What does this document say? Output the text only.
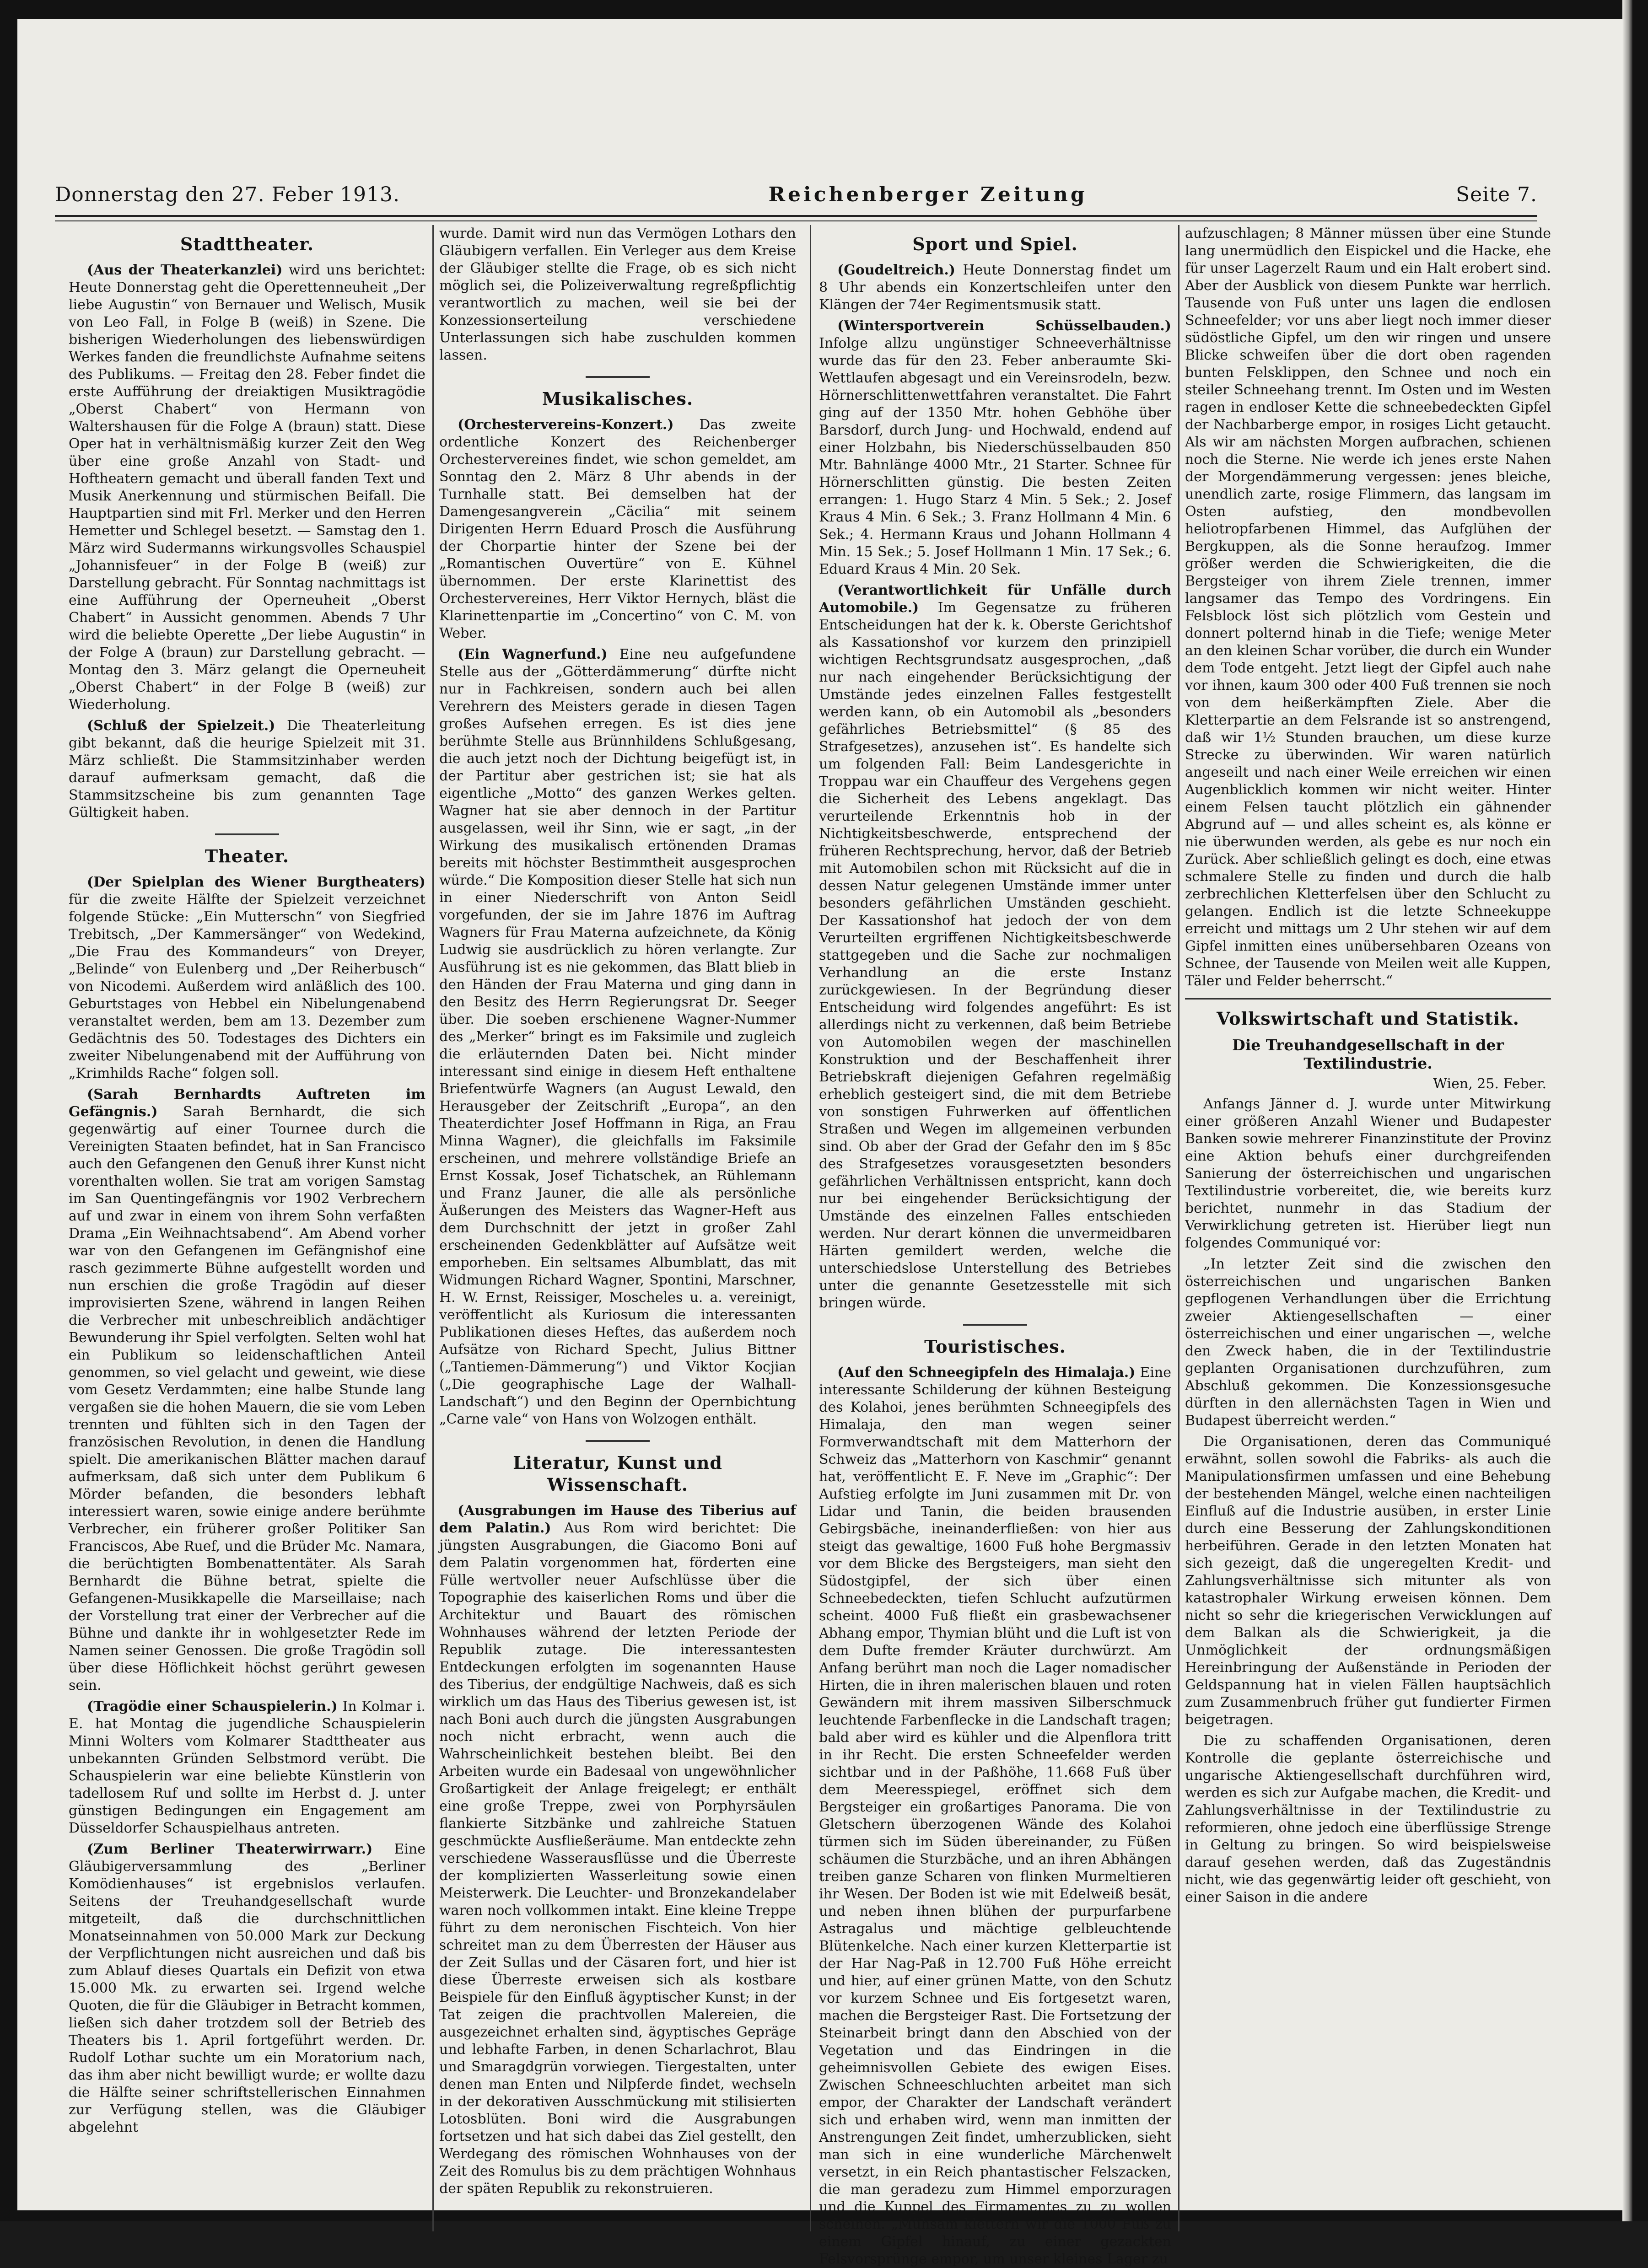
Donnerstag den 27. Feber 1913.	Reichenberger Zeitung	Seite 7.
Stadttheater.

(Aus der Theaterkanzlei) wird uns berichtet: Heute Donnerstag geht die Operettenneuheit „Der liebe Augustin“ von Bernauer und Welisch, Musik von Leo Fall, in Folge B (weiß) in Szene. Die bisherigen Wiederholungen des liebenswürdigen Werkes fanden die freundlichste Aufnahme seitens des Publikums. — Freitag den 28. Feber findet die erste Aufführung der dreiaktigen Musiktragödie „Oberst Chabert“ von Hermann von Waltershausen für die Folge A (braun) statt. Diese Oper hat in verhältnismäßig kurzer Zeit den Weg über eine große Anzahl von Stadt- und Hoftheatern gemacht und überall fanden Text und Musik Anerkennung und stürmischen Beifall. Die Hauptpartien sind mit Frl. Merker und den Herren Hemetter und Schlegel besetzt. — Samstag den 1. März wird Sudermanns wirkungsvolles Schauspiel „Johannisfeuer“ in der Folge B (weiß) zur Darstellung gebracht. Für Sonntag nachmittags ist eine Aufführung der Operneuheit „Oberst Chabert“ in Aussicht genommen. Abends 7 Uhr wird die beliebte Operette „Der liebe Augustin“ in der Folge A (braun) zur Darstellung gebracht. — Montag den 3. März gelangt die Operneuheit „Oberst Chabert“ in der Folge B (weiß) zur Wiederholung.

(Schluß der Spielzeit.) Die Theaterleitung gibt bekannt, daß die heurige Spielzeit mit 31. März schließt. Die Stammsitzinhaber werden darauf aufmerksam gemacht, daß die Stammsitzscheine bis zum genannten Tage Gültigkeit haben.

Theater.

(Der Spielplan des Wiener Burgtheaters) für die zweite Hälfte der Spielzeit verzeichnet folgende Stücke: „Ein Mutterschn“ von Siegfried Trebitsch, „Der Kammersänger“ von Wedekind, „Die Frau des Kommandeurs“ von Dreyer, „Belinde“ von Eulenberg und „Der Reiherbusch“ von Nicodemi. Außerdem wird anläßlich des 100. Geburtstages von Hebbel ein Nibelungenabend veranstaltet werden, bem am 13. Dezember zum Gedächtnis des 50. Todestages des Dichters ein zweiter Nibelungenabend mit der Aufführung von „Krimhilds Rache“ folgen soll.

(Sarah Bernhardts Auftreten im Gefängnis.) Sarah Bernhardt, die sich gegenwärtig auf einer Tournee durch die Vereinigten Staaten befindet, hat in San Francisco auch den Gefangenen den Genuß ihrer Kunst nicht vorenthalten wollen. Sie trat am vorigen Samstag im San Quentingefängnis vor 1902 Verbrechern auf und zwar in einem von ihrem Sohn verfaßten Drama „Ein Weihnachtsabend“. Am Abend vorher war von den Gefangenen im Gefängnishof eine rasch gezimmerte Bühne aufgestellt worden und nun erschien die große Tragödin auf dieser improvisierten Szene, während in langen Reihen die Verbrecher mit unbeschreiblich andächtiger Bewunderung ihr Spiel verfolgten. Selten wohl hat ein Publikum so leidenschaftlichen Anteil genommen, so viel gelacht und geweint, wie diese vom Gesetz Verdammten; eine halbe Stunde lang vergaßen sie die hohen Mauern, die sie vom Leben trennten und fühlten sich in den Tagen der französischen Revolution, in denen die Handlung spielt. Die amerikanischen Blätter machen darauf aufmerksam, daß sich unter dem Publikum 6 Mörder befanden, die besonders lebhaft interessiert waren, sowie einige andere berühmte Verbrecher, ein früherer großer Politiker San Franciscos, Abe Ruef, und die Brüder Mc. Namara, die berüchtigten Bombenattentäter. Als Sarah Bernhardt die Bühne betrat, spielte die Gefangenen-Musikkapelle die Marseillaise; nach der Vorstellung trat einer der Verbrecher auf die Bühne und dankte ihr in wohlgesetzter Rede im Namen seiner Genossen. Die große Tragödin soll über diese Höflichkeit höchst gerührt gewesen sein.

(Tragödie einer Schauspielerin.) In Kolmar i. E. hat Montag die jugendliche Schauspielerin Minni Wolters vom Kolmarer Stadttheater aus unbekannten Gründen Selbstmord verübt. Die Schauspielerin war eine beliebte Künstlerin von tadellosem Ruf und sollte im Herbst d. J. unter günstigen Bedingungen ein Engagement am Düsseldorfer Schauspielhaus antreten.

(Zum Berliner Theaterwirrwarr.) Eine Gläubigerversammlung des „Berliner Komödienhauses“ ist ergebnislos verlaufen. Seitens der Treuhandgesellschaft wurde mitgeteilt, daß die durchschnittlichen Monatseinnahmen von 50.000 Mark zur Deckung der Verpflichtungen nicht ausreichen und daß bis zum Ablauf dieses Quartals ein Defizit von etwa 15.000 Mk. zu erwarten sei. Irgend welche Quoten, die für die Gläubiger in Betracht kommen, ließen sich daher trotzdem soll der Betrieb des Theaters bis 1. April fortgeführt werden. Dr. Rudolf Lothar suchte um ein Moratorium nach, das ihm aber nicht bewilligt wurde; er wollte dazu die Hälfte seiner schriftstellerischen Einnahmen zur Verfügung stellen, was die Gläubiger abgelehnt

wurde. Damit wird nun das Vermögen Lothars den Gläubigern verfallen. Ein Verleger aus dem Kreise der Gläubiger stellte die Frage, ob es sich nicht möglich sei, die Polizeiverwaltung regreßpflichtig verantwortlich zu machen, weil sie bei der Konzessionserteilung verschiedene Unterlassungen sich habe zuschulden kommen lassen.

Musikalisches.

(Orchestervereins-Konzert.) Das zweite ordentliche Konzert des Reichenberger Orchestervereines findet, wie schon gemeldet, am Sonntag den 2. März 8 Uhr abends in der Turnhalle statt. Bei demselben hat der Damengesangverein „Cäcilia“ mit seinem Dirigenten Herrn Eduard Prosch die Ausführung der Chorpartie hinter der Szene bei der „Romantischen Ouvertüre“ von E. Kühnel übernommen. Der erste Klarinettist des Orchestervereines, Herr Viktor Hernych, bläst die Klarinettenpartie im „Concertino“ von C. M. von Weber.

(Ein Wagnerfund.) Eine neu aufgefundene Stelle aus der „Götterdämmerung“ dürfte nicht nur in Fachkreisen, sondern auch bei allen Verehrern des Meisters gerade in diesen Tagen großes Aufsehen erregen. Es ist dies jene berühmte Stelle aus Brünnhildens Schlußgesang, die auch jetzt noch der Dichtung beigefügt ist, in der Partitur aber gestrichen ist; sie hat als eigentliche „Motto“ des ganzen Werkes gelten. Wagner hat sie aber dennoch in der Partitur ausgelassen, weil ihr Sinn, wie er sagt, „in der Wirkung des musikalisch ertönenden Dramas bereits mit höchster Bestimmtheit ausgesprochen würde.“ Die Komposition dieser Stelle hat sich nun in einer Niederschrift von Anton Seidl vorgefunden, der sie im Jahre 1876 im Auftrag Wagners für Frau Materna aufzeichnete, da König Ludwig sie ausdrücklich zu hören verlangte. Zur Ausführung ist es nie gekommen, das Blatt blieb in den Händen der Frau Materna und ging dann in den Besitz des Herrn Regierungsrat Dr. Seeger über. Die soeben erschienene Wagner-Nummer des „Merker“ bringt es im Faksimile und zugleich die erläuternden Daten bei. Nicht minder interessant sind einige in diesem Heft enthaltene Briefentwürfe Wagners (an August Lewald, den Herausgeber der Zeitschrift „Europa“, an den Theaterdichter Josef Hoffmann in Riga, an Frau Minna Wagner), die gleichfalls im Faksimile erscheinen, und mehrere vollständige Briefe an Ernst Kossak, Josef Tichatschek, an Rühlemann und Franz Jauner, die alle als persönliche Äußerungen des Meisters das Wagner-Heft aus dem Durchschnitt der jetzt in großer Zahl erscheinenden Gedenkblätter auf Aufsätze weit emporheben. Ein seltsames Albumblatt, das mit Widmungen Richard Wagner, Spontini, Marschner, H. W. Ernst, Reissiger, Moscheles u. a. vereinigt, veröffentlicht als Kuriosum die interessanten Publikationen dieses Heftes, das außerdem noch Aufsätze von Richard Specht, Julius Bittner („Tantiemen-Dämmerung“) und Viktor Kocjian („Die geographische Lage der Walhall-Landschaft“) und den Beginn der Opernbichtung „Carne vale“ von Hans von Wolzogen enthält.

Literatur, Kunst und Wissenschaft.

(Ausgrabungen im Hause des Tiberius auf dem Palatin.) Aus Rom wird berichtet: Die jüngsten Ausgrabungen, die Giacomo Boni auf dem Palatin vorgenommen hat, förderten eine Fülle wertvoller neuer Aufschlüsse über die Topographie des kaiserlichen Roms und über die Architektur und Bauart des römischen Wohnhauses während der letzten Periode der Republik zutage. Die interessantesten Entdeckungen erfolgten im sogenannten Hause des Tiberius, der endgültige Nachweis, daß es sich wirklich um das Haus des Tiberius gewesen ist, ist nach Boni auch durch die jüngsten Ausgrabungen noch nicht erbracht, wenn auch die Wahrscheinlichkeit bestehen bleibt. Bei den Arbeiten wurde ein Badesaal von ungewöhnlicher Großartigkeit der Anlage freigelegt; er enthält eine große Treppe, zwei von Porphyrsäulen flankierte Sitzbänke und zahlreiche Statuen geschmückte Ausfließeräume. Man entdeckte zehn verschiedene Wasserausflüsse und die Überreste der komplizierten Wasserleitung sowie einen Meisterwerk. Die Leuchter- und Bronzekandelaber waren noch vollkommen intakt. Eine kleine Treppe führt zu dem neronischen Fischteich. Von hier schreitet man zu dem Überresten der Häuser aus der Zeit Sullas und der Cäsaren fort, und hier ist diese Überreste erweisen sich als kostbare Beispiele für den Einfluß ägyptischer Kunst; in der Tat zeigen die prachtvollen Malereien, die ausgezeichnet erhalten sind, ägyptisches Gepräge und lebhafte Farben, in denen Scharlachrot, Blau und Smaragdgrün vorwiegen. Tiergestalten, unter denen man Enten und Nilpferde findet, wechseln in der dekorativen Ausschmückung mit stilisierten Lotosblüten. Boni wird die Ausgrabungen fortsetzen und hat sich dabei das Ziel gestellt, den Werdegang des römischen Wohnhauses von der Zeit des Romulus bis zu dem prächtigen Wohnhaus der späten Republik zu rekonstruieren.

Sport und Spiel.

(Goudeltreich.) Heute Donnerstag findet um 8 Uhr abends ein Konzertschleifen unter den Klängen der 74er Regimentsmusik statt.

(Wintersportverein Schüsselbauden.) Infolge allzu ungünstiger Schneeverhältnisse wurde das für den 23. Feber anberaumte Ski-Wettlaufen abgesagt und ein Vereinsrodeln, bezw. Hörnerschlittenwettfahren veranstaltet. Die Fahrt ging auf der 1350 Mtr. hohen Gebhöhe über Barsdorf, durch Jung- und Hochwald, endend auf einer Holzbahn, bis Niederschüsselbauden 850 Mtr. Bahnlänge 4000 Mtr., 21 Starter. Schnee für Hörnerschlitten günstig. Die besten Zeiten errangen: 1. Hugo Starz 4 Min. 5 Sek.; 2. Josef Kraus 4 Min. 6 Sek.; 3. Franz Hollmann 4 Min. 6 Sek.; 4. Hermann Kraus und Johann Hollmann 4 Min. 15 Sek.; 5. Josef Hollmann 1 Min. 17 Sek.; 6. Eduard Kraus 4 Min. 20 Sek.

(Verantwortlichkeit für Unfälle durch Automobile.) Im Gegensatze zu früheren Entscheidungen hat der k. k. Oberste Gerichtshof als Kassationshof vor kurzem den prinzipiell wichtigen Rechtsgrundsatz ausgesprochen, „daß nur nach eingehender Berücksichtigung der Umstände jedes einzelnen Falles festgestellt werden kann, ob ein Automobil als „besonders gefährliches Betriebsmittel“ (§ 85 des Strafgesetzes), anzusehen ist“. Es handelte sich um folgenden Fall: Beim Landesgerichte in Troppau war ein Chauffeur des Vergehens gegen die Sicherheit des Lebens angeklagt. Das verurteilende Erkenntnis hob in der Nichtigkeitsbeschwerde, entsprechend der früheren Rechtsprechung, hervor, daß der Betrieb mit Automobilen schon mit Rücksicht auf die in dessen Natur gelegenen Umstände immer unter besonders gefährlichen Umständen geschieht. Der Kassationshof hat jedoch der von dem Verurteilten ergriffenen Nichtigkeitsbeschwerde stattgegeben und die Sache zur nochmaligen Verhandlung an die erste Instanz zurückgewiesen. In der Begründung dieser Entscheidung wird folgendes angeführt: Es ist allerdings nicht zu verkennen, daß beim Betriebe von Automobilen wegen der maschinellen Konstruktion und der Beschaffenheit ihrer Betriebskraft diejenigen Gefahren regelmäßig erheblich gesteigert sind, die mit dem Betriebe von sonstigen Fuhrwerken auf öffentlichen Straßen und Wegen im allgemeinen verbunden sind. Ob aber der Grad der Gefahr den im § 85c des Strafgesetzes vorausgesetzten besonders gefährlichen Verhältnissen entspricht, kann doch nur bei eingehender Berücksichtigung der Umstände des einzelnen Falles entschieden werden. Nur derart können die unvermeidbaren Härten gemildert werden, welche die unterschiedslose Unterstellung des Betriebes unter die genannte Gesetzesstelle mit sich bringen würde.

Touristisches.

(Auf den Schneegipfeln des Himalaja.) Eine interessante Schilderung der kühnen Besteigung des Kolahoi, jenes berühmten Schneegipfels des Himalaja, den man wegen seiner Formverwandtschaft mit dem Matterhorn der Schweiz das „Matterhorn von Kaschmir“ genannt hat, veröffentlicht E. F. Neve im „Graphic“: Der Aufstieg erfolgte im Juni zusammen mit Dr. von Lidar und Tanin, die beiden brausenden Gebirgsbäche, ineinanderfließen: von hier aus steigt das gewaltige, 1600 Fuß hohe Bergmassiv vor dem Blicke des Bergsteigers, man sieht den Südostgipfel, der sich über einen Schneebedeckten, tiefen Schlucht aufzutürmen scheint. 4000 Fuß fließt ein grasbewachsener Abhang empor, Thymian blüht und die Luft ist von dem Dufte fremder Kräuter durchwürzt. Am Anfang berührt man noch die Lager nomadischer Hirten, die in ihren malerischen blauen und roten Gewändern mit ihrem massiven Silberschmuck leuchtende Farbenflecke in die Landschaft tragen; bald aber wird es kühler und die Alpenflora tritt in ihr Recht. Die ersten Schneefelder werden sichtbar und in der Paßhöhe, 11.668 Fuß über dem Meeresspiegel, eröffnet sich dem Bergsteiger ein großartiges Panorama. Die von Gletschern überzogenen Wände des Kolahoi türmen sich im Süden übereinander, zu Füßen schäumen die Sturzbäche, und an ihren Abhängen treiben ganze Scharen von flinken Murmeltieren ihr Wesen. Der Boden ist wie mit Edelweiß besät, und neben ihnen blühen der purpurfarbene Astragalus und mächtige gelbleuchtende Blütenkelche. Nach einer kurzen Kletterpartie ist der Har Nag-Paß in 12.700 Fuß Höhe erreicht und hier, auf einer grünen Matte, von den Schutz vor kurzem Schnee und Eis fortgesetzt waren, machen die Bergsteiger Rast. Die Fortsetzung der Steinarbeit bringt dann den Abschied von der Vegetation und das Eindringen in die geheimnisvollen Gebiete des ewigen Eises. Zwischen Schneeschluchten arbeitet man sich empor, der Charakter der Landschaft verändert sich und erhaben wird, wenn man inmitten der Anstrengungen Zeit findet, umherzublicken, sieht man sich in eine wunderliche Märchenwelt versetzt, in ein Reich phantastischer Felszacken, die man geradezu zum Himmel emporzuragen und die Kuppel des Firmamentes zu zu wollen scheinen. „Mühsam klettern wir die 1000 Fuß zu einem Gipfel hinauf, zu einer gezackten Felsvorsprünge empor, um unser kleines Lager zu

aufzuschlagen; 8 Männer müssen über eine Stunde lang unermüdlich den Eispickel und die Hacke, ehe für unser Lagerzelt Raum und ein Halt erobert sind. Aber der Ausblick von diesem Punkte war herrlich. Tausende von Fuß unter uns lagen die endlosen Schneefelder; vor uns aber liegt noch immer dieser südöstliche Gipfel, um den wir ringen und unsere Blicke schweifen über die dort oben ragenden bunten Felsklippen, den Schnee und noch ein steiler Schneehang trennt. Im Osten und im Westen ragen in endloser Kette die schneebedeckten Gipfel der Nachbarberge empor, in rosiges Licht getaucht. Als wir am nächsten Morgen aufbrachen, schienen noch die Sterne. Nie werde ich jenes erste Nahen der Morgendämmerung vergessen: jenes bleiche, unendlich zarte, rosige Flimmern, das langsam im Osten aufstieg, den mondbevollen heliotropfarbenen Himmel, das Aufglühen der Bergkuppen, als die Sonne heraufzog. Immer größer werden die Schwierigkeiten, die die Bergsteiger von ihrem Ziele trennen, immer langsamer das Tempo des Vordringens. Ein Felsblock löst sich plötzlich vom Gestein und donnert polternd hinab in die Tiefe; wenige Meter an den kleinen Schar vorüber, die durch ein Wunder dem Tode entgeht. Jetzt liegt der Gipfel auch nahe vor ihnen, kaum 300 oder 400 Fuß trennen sie noch von dem heißerkämpften Ziele. Aber die Kletterpartie an dem Felsrande ist so anstrengend, daß wir 1½ Stunden brauchen, um diese kurze Strecke zu überwinden. Wir waren natürlich angeseilt und nach einer Weile erreichen wir einen Augenblicklich kommen wir nicht weiter. Hinter einem Felsen taucht plötzlich ein gähnender Abgrund auf — und alles scheint es, als könne er nie überwunden werden, als gebe es nur noch ein Zurück. Aber schließlich gelingt es doch, eine etwas schmalere Stelle zu finden und durch die halb zerbrechlichen Kletterfelsen über den Schlucht zu gelangen. Endlich ist die letzte Schneekuppe erreicht und mittags um 2 Uhr stehen wir auf dem Gipfel inmitten eines unübersehbaren Ozeans von Schnee, der Tausende von Meilen weit alle Kuppen, Täler und Felder beherrscht.“

Volkswirtschaft und Statistik.
Die Treuhandgesellschaft in der Textilindustrie.
Wien, 25. Feber.

Anfangs Jänner d. J. wurde unter Mitwirkung einer größeren Anzahl Wiener und Budapester Banken sowie mehrerer Finanzinstitute der Provinz eine Aktion behufs einer durchgreifenden Sanierung der österreichischen und ungarischen Textilindustrie vorbereitet, die, wie bereits kurz berichtet, nunmehr in das Stadium der Verwirklichung getreten ist. Hierüber liegt nun folgendes Communiqué vor:

„In letzter Zeit sind die zwischen den österreichischen und ungarischen Banken gepflogenen Verhandlungen über die Errichtung zweier Aktiengesellschaften — einer österreichischen und einer ungarischen —, welche den Zweck haben, die in der Textilindustrie geplanten Organisationen durchzuführen, zum Abschluß gekommen. Die Konzessionsgesuche dürften in den allernächsten Tagen in Wien und Budapest überreicht werden.“

Die Organisationen, deren das Communiqué erwähnt, sollen sowohl die Fabriks- als auch die Manipulationsfirmen umfassen und eine Behebung der bestehenden Mängel, welche einen nachteiligen Einfluß auf die Industrie ausüben, in erster Linie durch eine Besserung der Zahlungskonditionen herbeiführen. Gerade in den letzten Monaten hat sich gezeigt, daß die ungeregelten Kredit- und Zahlungsverhältnisse sich mitunter als von katastrophaler Wirkung erweisen können. Dem nicht so sehr die kriegerischen Verwicklungen auf dem Balkan als die Schwierigkeit, ja die Unmöglichkeit der ordnungsmäßigen Hereinbringung der Außenstände in Perioden der Geldspannung hat in vielen Fällen hauptsächlich zum Zusammenbruch früher gut fundierter Firmen beigetragen.

Die zu schaffenden Organisationen, deren Kontrolle die geplante österreichische und ungarische Aktiengesellschaft durchführen wird, werden es sich zur Aufgabe machen, die Kredit- und Zahlungsverhältnisse in der Textilindustrie zu reformieren, ohne jedoch eine überflüssige Strenge in Geltung zu bringen. So wird beispielsweise darauf gesehen werden, daß das Zugeständnis nicht, wie das gegenwärtig leider oft geschieht, von einer Saison in die andere
